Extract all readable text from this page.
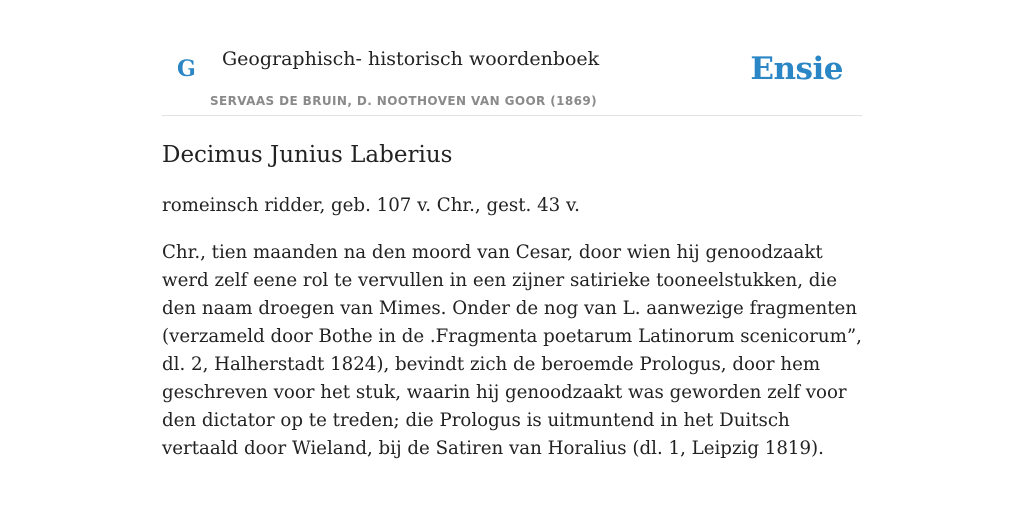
G Geographisch- historisch woordenboek
SERVAAS DE BRUIN, D. NOOTHOVEN VAN GOOR (1869)
Ensie
Decimus Junius Laberius

romeinsch ridder, geb. 107 v. Chr., gest. 43 v.

Chr., tien maanden na den moord van Cesar, door wien hij genoodzaakt werd zelf eene rol te vervullen in een zijner satirieke tooneelstukken, die den naam droegen van Mimes. Onder de nog van L. aanwezige fragmenten (verzameld door Bothe in de .Fragmenta poetarum Latinorum scenicorum”, dl. 2, Halherstadt 1824), bevindt zich de beroemde Prologus, door hem geschreven voor het stuk, waarin hij genoodzaakt was geworden zelf voor den dictator op te treden; die Prologus is uitmuntend in het Duitsch vertaald door Wieland, bij de Satiren van Horalius (dl. 1, Leipzig 1819).
